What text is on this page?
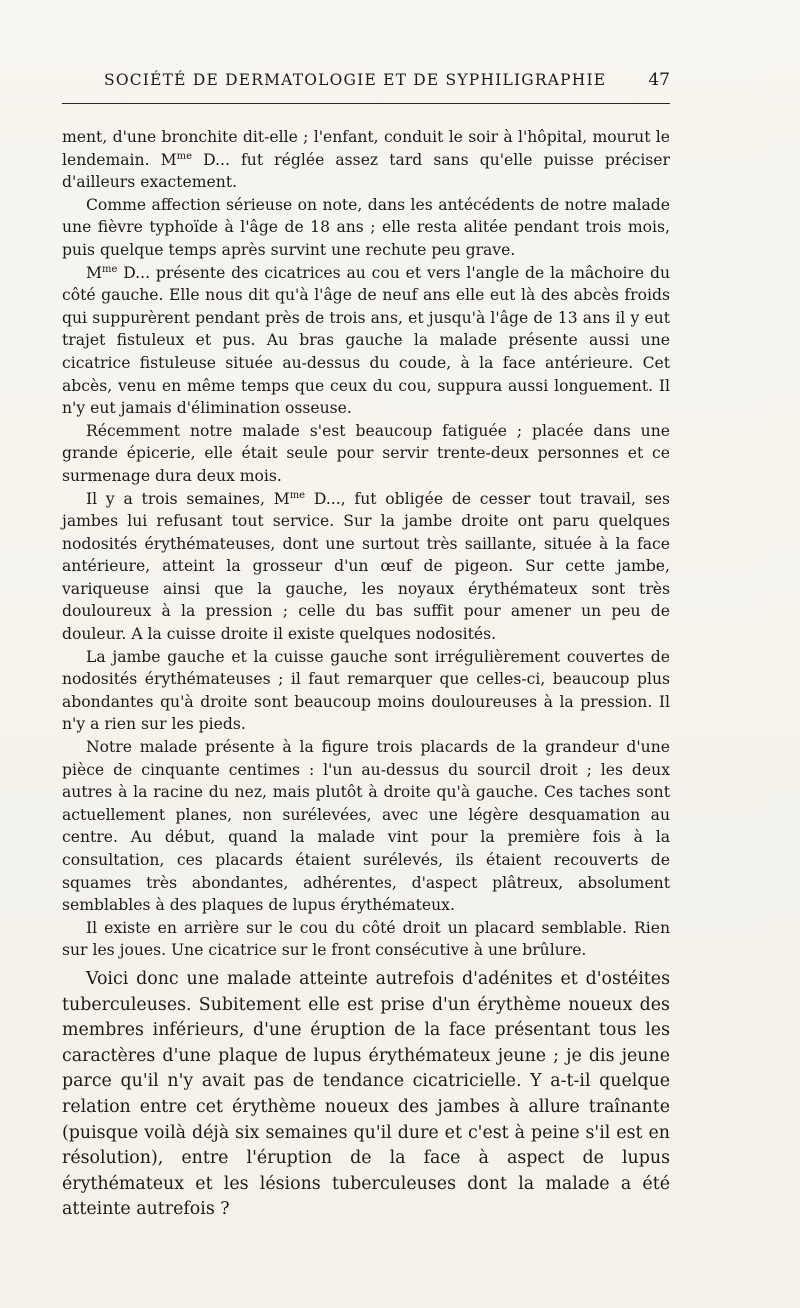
SOCIÉTÉ DE DERMATOLOGIE ET DE SYPHILIGRAPHIE	47

ment, d'une bronchite dit-elle ; l'enfant, conduit le soir à l'hôpital, mourut le lendemain. $M^{me}$ D... fut réglée assez tard sans qu'elle puisse préciser d'ailleurs exactement.

Comme affection sérieuse on note, dans les antécédents de notre malade une fièvre typhoïde à l'âge de 18 ans ; elle resta alitée pendant trois mois, puis quelque temps après survint une rechute peu grave.

$M^{me}$ D... présente des cicatrices au cou et vers l'angle de la mâchoire du côté gauche. Elle nous dit qu'à l'âge de neuf ans elle eut là des abcès froids qui suppurèrent pendant près de trois ans, et jusqu'à l'âge de 13 ans il y eut trajet fistuleux et pus. Au bras gauche la malade présente aussi une cicatrice fistuleuse située au-dessus du coude, à la face antérieure. Cet abcès, venu en même temps que ceux du cou, suppura aussi longuement. Il n'y eut jamais d'élimination osseuse.

Récemment notre malade s'est beaucoup fatiguée ; placée dans une grande épicerie, elle était seule pour servir trente-deux personnes et ce surmenage dura deux mois.

Il y a trois semaines, $M^{me}$ D..., fut obligée de cesser tout travail, ses jambes lui refusant tout service. Sur la jambe droite ont paru quelques nodosités érythémateuses, dont une surtout très saillante, située à la face antérieure, atteint la grosseur d'un œuf de pigeon. Sur cette jambe, variqueuse ainsi que la gauche, les noyaux érythémateux sont très douloureux à la pression ; celle du bas suffit pour amener un peu de douleur. A la cuisse droite il existe quelques nodosités.

La jambe gauche et la cuisse gauche sont irrégulièrement couvertes de nodosités érythémateuses ; il faut remarquer que celles-ci, beaucoup plus abondantes qu'à droite sont beaucoup moins douloureuses à la pression. Il n'y a rien sur les pieds.

Notre malade présente à la figure trois placards de la grandeur d'une pièce de cinquante centimes : l'un au-dessus du sourcil droit ; les deux autres à la racine du nez, mais plutôt à droite qu'à gauche. Ces taches sont actuellement planes, non surélevées, avec une légère desquamation au centre. Au début, quand la malade vint pour la première fois à la consultation, ces placards étaient surélevés, ils étaient recouverts de squames très abondantes, adhérentes, d'aspect plâtreux, absolument semblables à des plaques de lupus érythémateux.

Il existe en arrière sur le cou du côté droit un placard semblable. Rien sur les joues. Une cicatrice sur le front consécutive à une brûlure.

Voici donc une malade atteinte autrefois d'adénites et d'ostéites tuberculeuses. Subitement elle est prise d'un érythème noueux des membres inférieurs, d'une éruption de la face présentant tous les caractères d'une plaque de lupus érythémateux jeune ; je dis jeune parce qu'il n'y avait pas de tendance cicatricielle. Y a-t-il quelque relation entre cet érythème noueux des jambes à allure traînante (puisque voilà déjà six semaines qu'il dure et c'est à peine s'il est en résolution), entre l'éruption de la face à aspect de lupus érythémateux et les lésions tuberculeuses dont la malade a été atteinte autrefois ?
